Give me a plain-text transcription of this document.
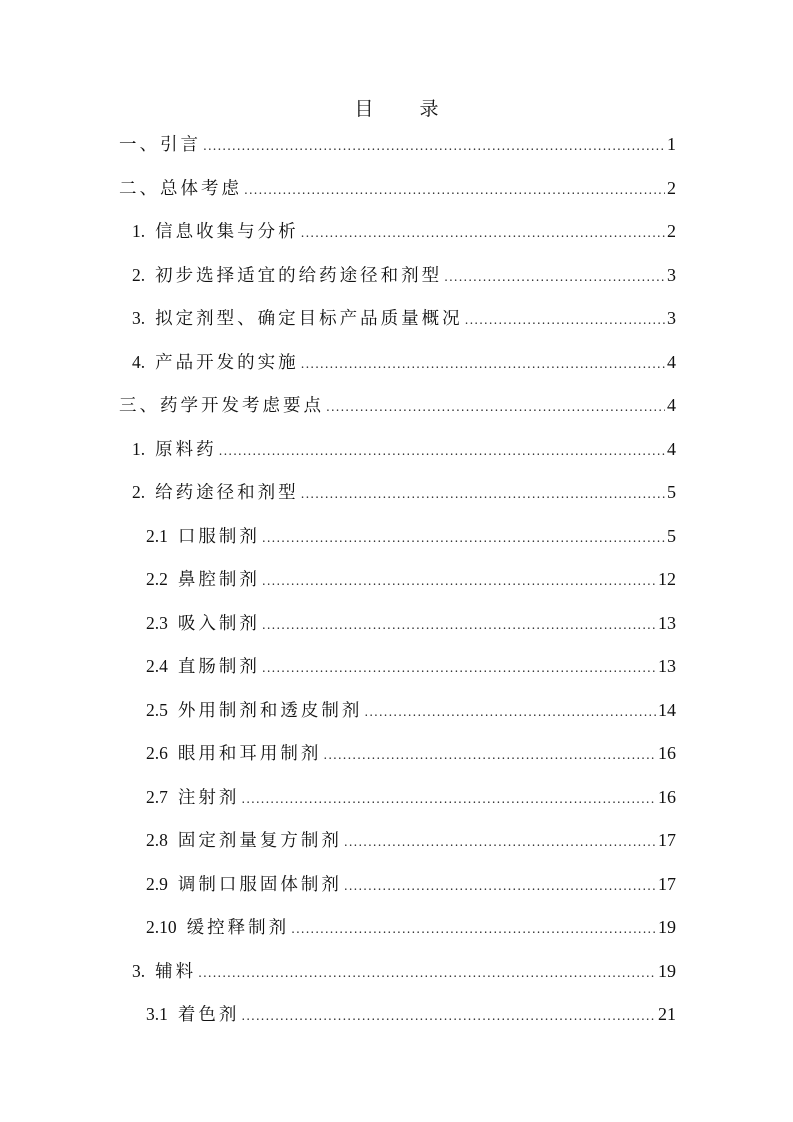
目 录
一、引言 .....	1
二、总体考虑 .....	2
1. 信息收集与分析 .....	2
2. 初步选择适宜的给药途径和剂型 .....	3
3. 拟定剂型、确定目标产品质量概况 .....	3
4. 产品开发的实施 .....	4
三、药学开发考虑要点 .....	4
1. 原料药 .....	4
2. 给药途径和剂型 .....	5
2.1 口服制剂 .....	5
2.2 鼻腔制剂 .....	12
2.3 吸入制剂 .....	13
2.4 直肠制剂 .....	13
2.5 外用制剂和透皮制剂 .....	14
2.6 眼用和耳用制剂 .....	16
2.7 注射剂 .....	16
2.8 固定剂量复方制剂 .....	17
2.9 调制口服固体制剂 .....	17
2.10 缓控释制剂 .....	19
3. 辅料 .....	19
3.1 着色剂 .....	21
